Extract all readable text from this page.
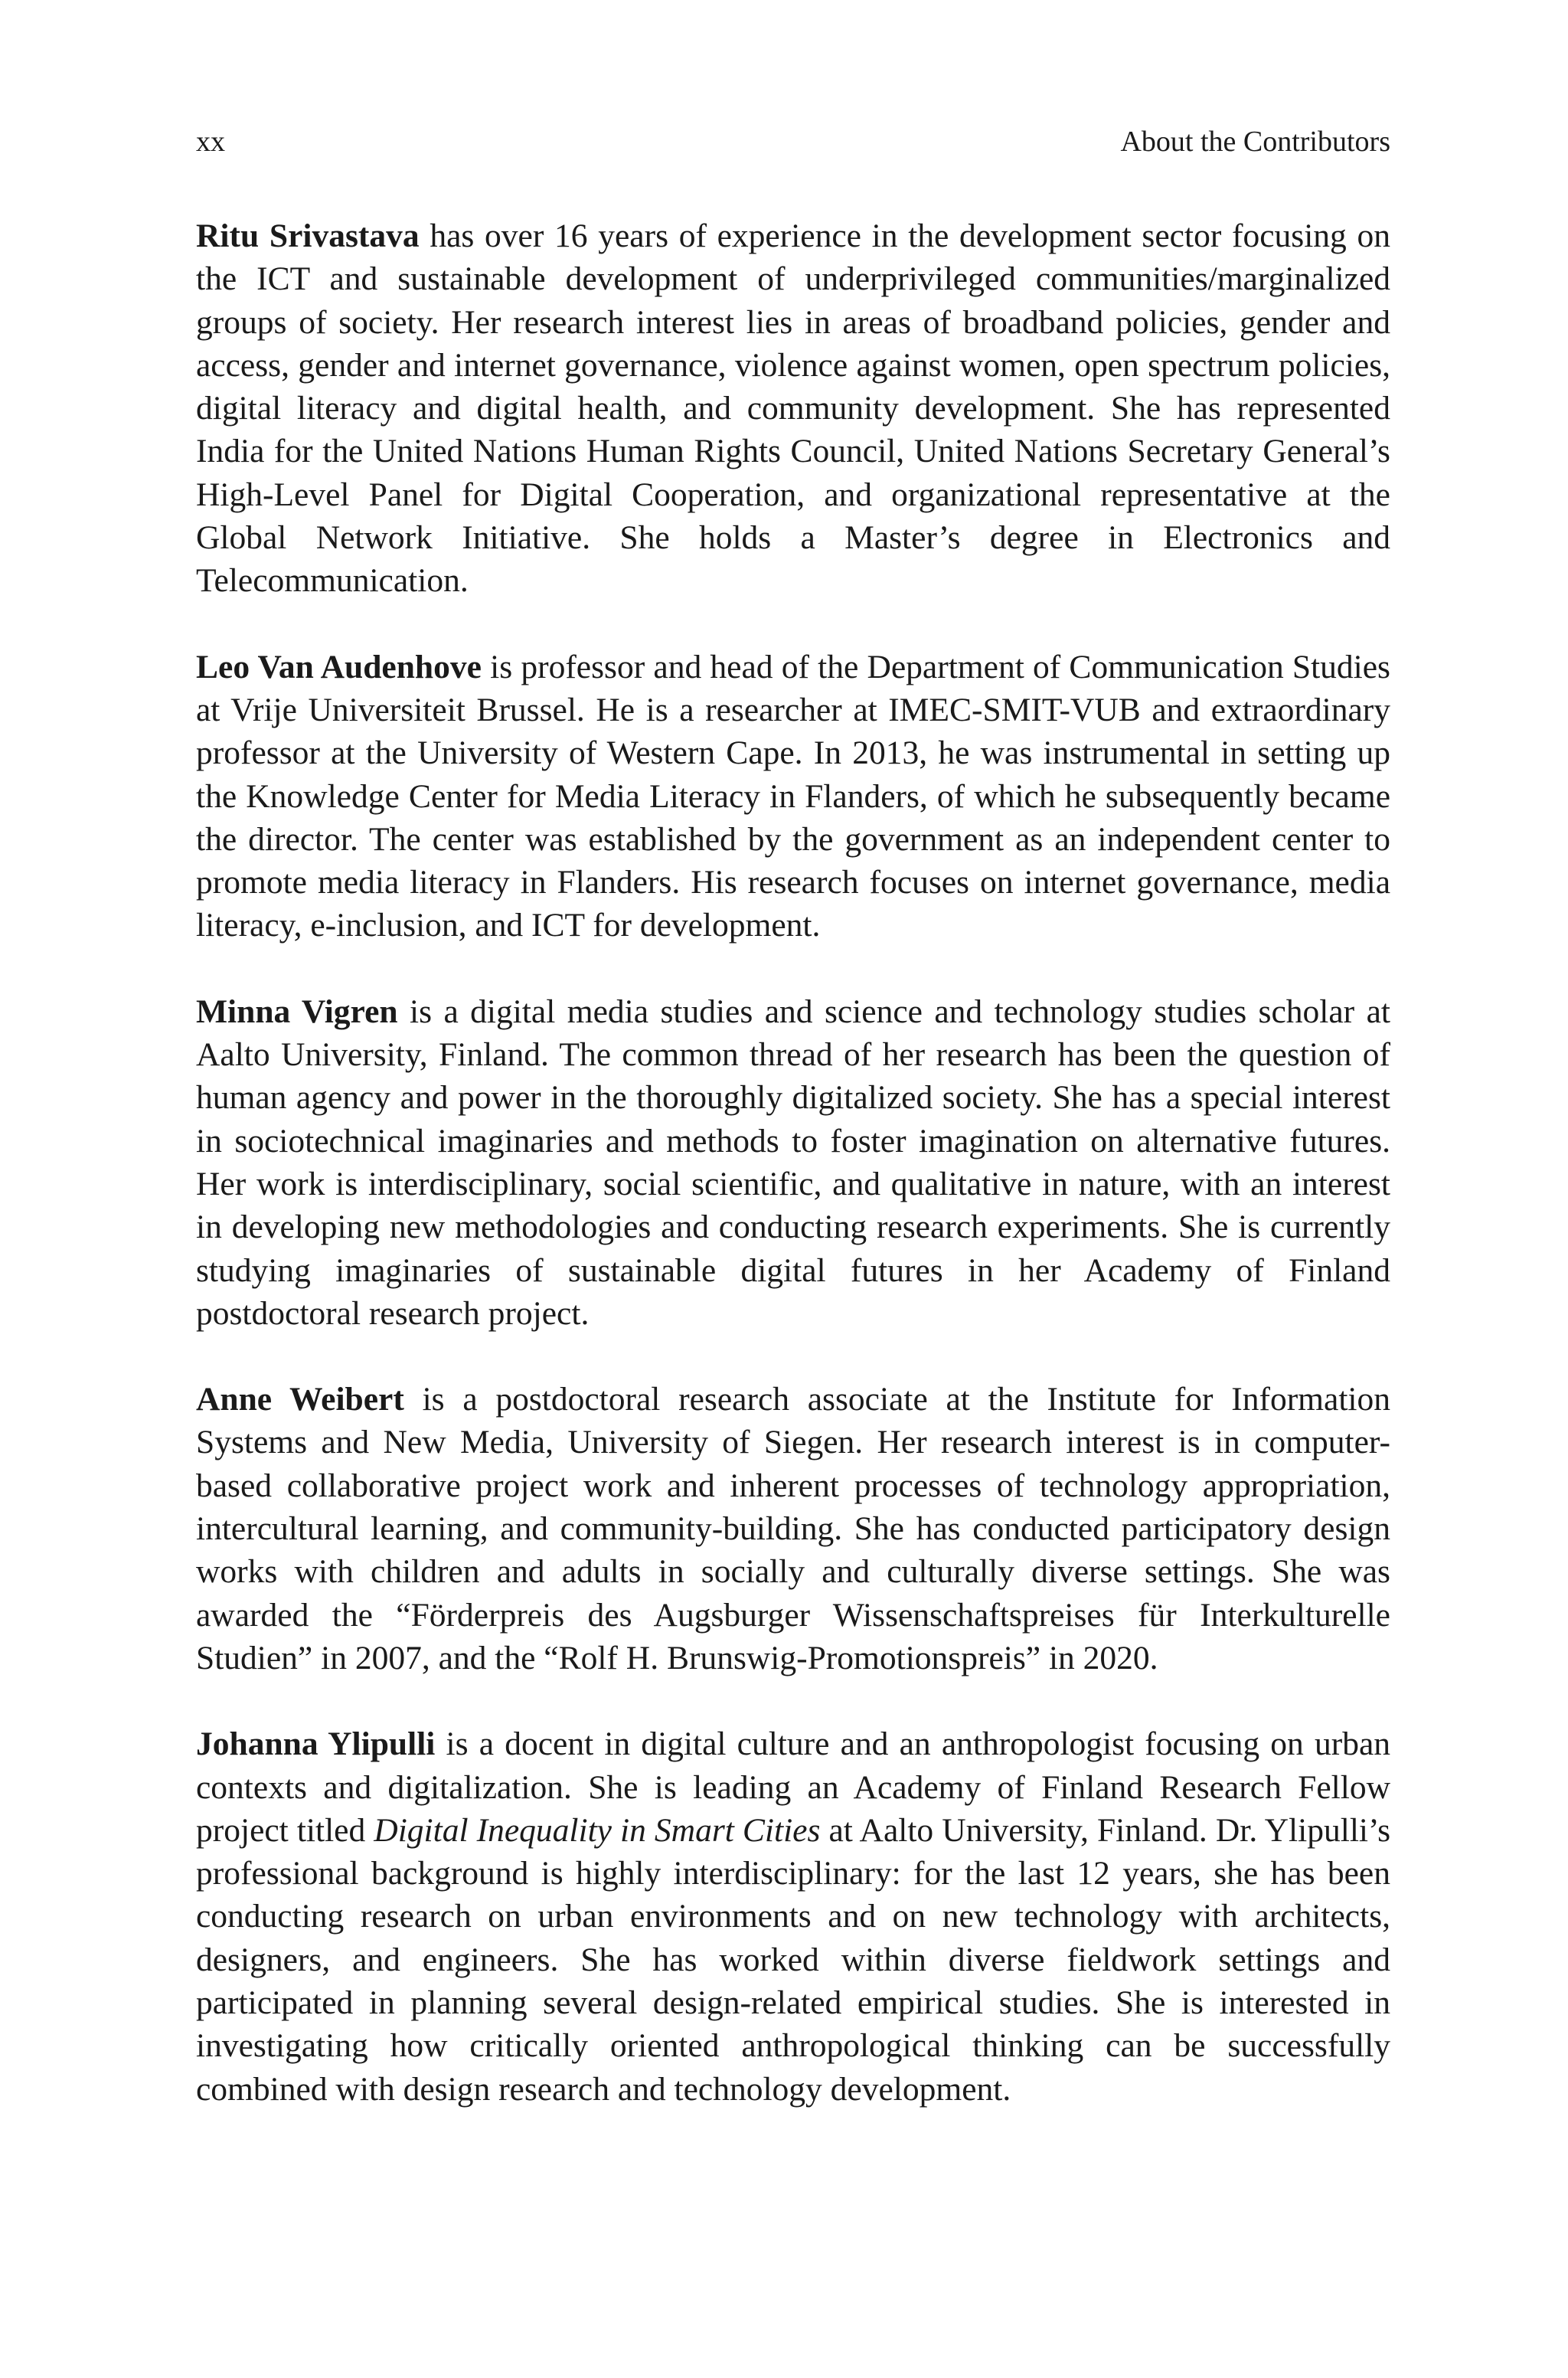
xx	About the Contributors

Ritu Srivastava has over 16 years of experience in the development sector focusing on the ICT and sustainable development of underprivileged communities/marginalized groups of society. Her research interest lies in areas of broadband policies, gender and access, gender and internet governance, violence against women, open spectrum policies, digital literacy and digital health, and community development. She has represented India for the United Nations Human Rights Council, United Nations Secretary General’s High-Level Panel for Digital Cooperation, and organizational representative at the Global Network Initiative. She holds a Master’s degree in Electronics and Telecommunication.

Leo Van Audenhove is professor and head of the Department of Communication Studies at Vrije Universiteit Brussel. He is a researcher at IMEC-SMIT-VUB and extraordinary professor at the University of Western Cape. In 2013, he was instrumental in setting up the Knowledge Center for Media Literacy in Flanders, of which he subsequently became the director. The center was established by the government as an independent center to promote media literacy in Flanders. His research focuses on internet governance, media literacy, e-inclusion, and ICT for development.

Minna Vigren is a digital media studies and science and technology studies scholar at Aalto University, Finland. The common thread of her research has been the question of human agency and power in the thoroughly digitalized society. She has a special interest in sociotechnical imaginaries and methods to foster imagination on alternative futures. Her work is interdisciplinary, social scientific, and qualitative in nature, with an interest in developing new methodologies and conducting research experiments. She is currently studying imaginaries of sustainable digital futures in her Academy of Finland postdoctoral research project.

Anne Weibert is a postdoctoral research associate at the Institute for Information Systems and New Media, University of Siegen. Her research interest is in computer-based collaborative project work and inherent processes of technology appropriation, intercultural learning, and community-building. She has conducted participatory design works with children and adults in socially and culturally diverse settings. She was awarded the “Förderpreis des Augsburger Wissenschaftspreises für Interkulturelle Studien” in 2007, and the “Rolf H. Brunswig-Promotionspreis” in 2020.

Johanna Ylipulli is a docent in digital culture and an anthropologist focusing on urban contexts and digitalization. She is leading an Academy of Finland Research Fellow project titled Digital Inequality in Smart Cities at Aalto University, Finland. Dr. Ylipulli’s professional background is highly interdisciplinary: for the last 12 years, she has been conducting research on urban environments and on new technology with architects, designers, and engineers. She has worked within diverse fieldwork settings and participated in planning several design-related empirical studies. She is interested in investigating how critically oriented anthropological thinking can be successfully combined with design research and technology development.
